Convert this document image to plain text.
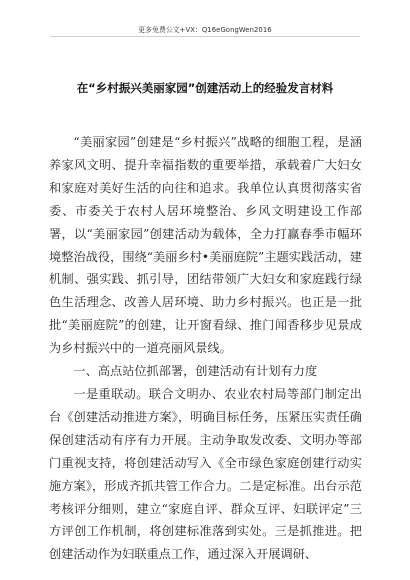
更多免费公文+VX：Q16eGongWen2016
在“乡村振兴美丽家园”创建活动上的经验发言材料

“美丽家园”创建是“乡村振兴”战略的细胞工程，是涵养家风文明、提升幸福指数的重要举措，承载着广大妇女和家庭对美好生活的向往和追求。我单位认真贯彻落实省委、市委关于农村人居环境整治、乡风文明建设工作部署，以“美丽家园”创建活动为载体，全力打赢春季市幅环境整治战役，围绕“美丽乡村•美丽庭院”主题实践活动，建机制、强实践、抓引导，团结带领广大妇女和家庭践行绿色生活理念、改善人居环境、助力乡村振兴。也正是一批批“美丽庭院”的创建，让开窗看绿、推门闻香移步见景成为乡村振兴中的一道亮丽风景线。

一、高点站位抓部署，创建活动有计划有力度

一是重联动。联合文明办、农业农村局等部门制定出台《创建活动推进方案》，明确目标任务，压紧压实责任确保创建活动有序有力开展。主动争取发改委、文明办等部门重视支持，将创建活动写入《全市绿色家庭创建行动实施方案》，形成齐抓共管工作合力。二是定标准。出台示范考核评分细则，建立“家庭自评、群众互评、妇联评定”三方评创工作机制，将创建标准落到实处。三是抓推进。把创建活动作为妇联重点工作，通过深入开展调研、
